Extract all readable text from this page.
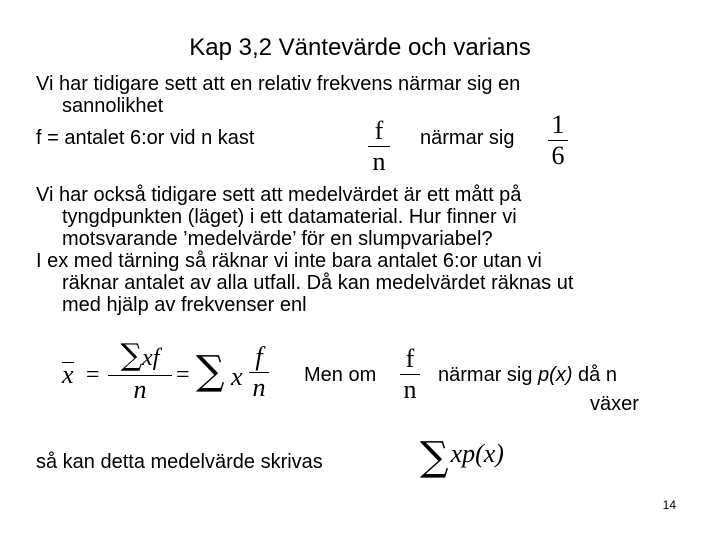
Kap 3,2 Väntevärde och varians
Vi har tidigare sett att en relativ frekvens närmar sig en
sannolikhet
f = antalet 6:or vid n kast	f
n
närmar sig 1
6
Vi har också tidigare sett att medelvärdet är ett mått på
tyngdpunkten (läget) i ett datamaterial. Hur finner vi
motsvarande ’medelvärde’ för en slumpvariabel?
I ex med tärning så räknar vi inte bara antalet 6:or utan vi
räknar antalet av alla utfall. Då kan medelvärdet räknas ut
med hjälp av frekvenser enl
x =
∑xf
n	= ∑ x
f
n	Men om
f
n	närmar sig p(x) då n
växer
så kan detta medelvärde skrivas ∑xp(x)
14
